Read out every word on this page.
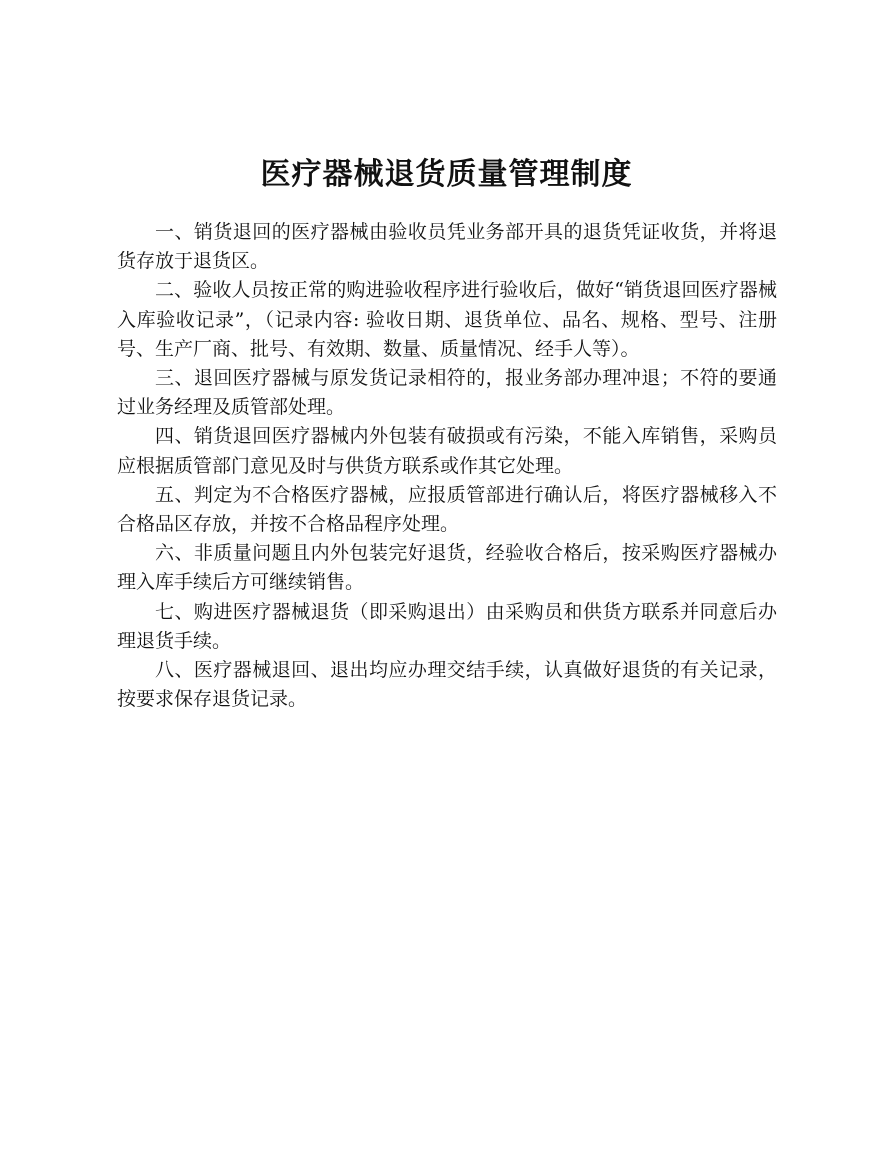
医疗器械退货质量管理制度

一、销货退回的医疗器械由验收员凭业务部开具的退货凭证收货，并将退货存放于退货区。

二、验收人员按正常的购进验收程序进行验收后，做好“销货退回医疗器械入库验收记录”，（记录内容: 验收日期、退货单位、品名、规格、型号、注册号、生产厂商、批号、有效期、数量、质量情况、经手人等）。

三、退回医疗器械与原发货记录相符的，报业务部办理冲退；不符的要通过业务经理及质管部处理。

四、销货退回医疗器械内外包装有破损或有污染，不能入库销售，采购员应根据质管部门意见及时与供货方联系或作其它处理。

五、判定为不合格医疗器械，应报质管部进行确认后，将医疗器械移入不合格品区存放，并按不合格品程序处理。

六、非质量问题且内外包装完好退货，经验收合格后，按采购医疗器械办理入库手续后方可继续销售。

七、购进医疗器械退货（即采购退出）由采购员和供货方联系并同意后办理退货手续。

八、医疗器械退回、退出均应办理交结手续，认真做好退货的有关记录，按要求保存退货记录。
